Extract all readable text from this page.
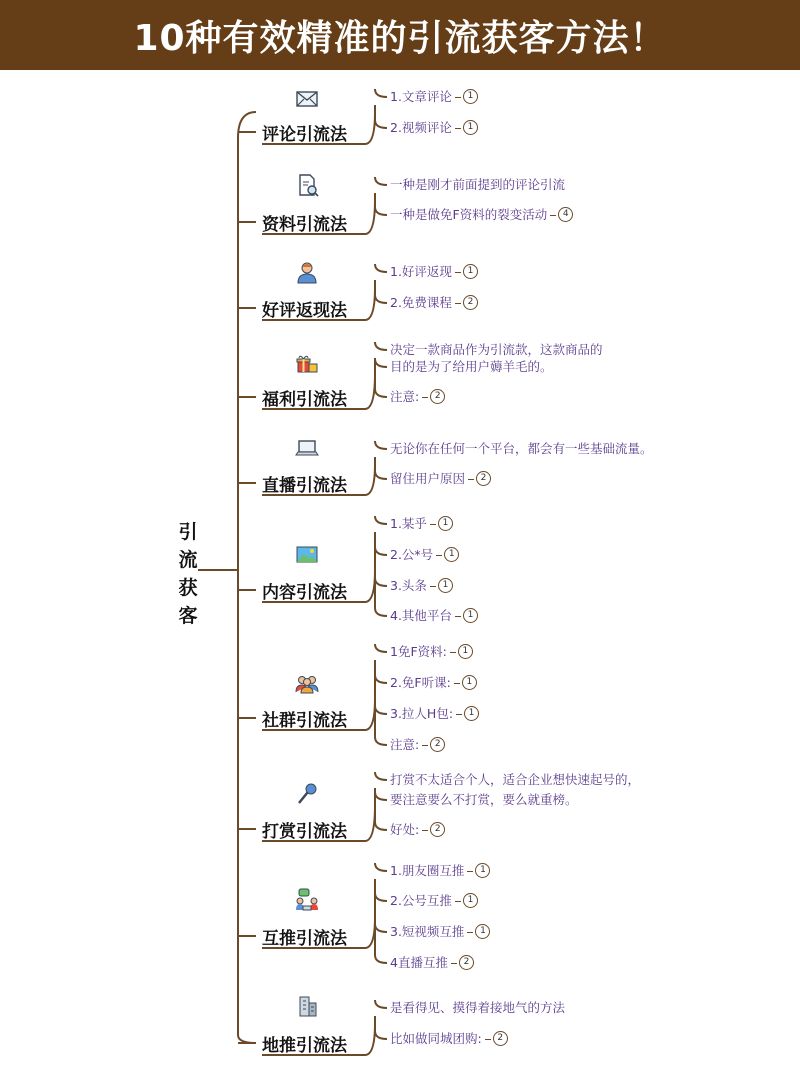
10种有效精准的引流获客方法！
引
流
获
客
评论引流法
1.文章评论 1
2.视频评论 1
资料引流法
一种是刚才前面提到的评论引流
一种是做免F资料的裂变活动 4
好评返现法
1.好评返现 1
2.免费课程 2
福利引流法
决定一款商品作为引流款，这款商品的
目的是为了给用户薅羊毛的。
注意: 2
直播引流法
无论你在任何一个平台，都会有一些基础流量。
留住用户原因 2
内容引流法
1.某乎 1
2.公*号 1
3.头条 1
4.其他平台 1
社群引流法
1免F资料: 1
2.免F听课: 1
3.拉人H包: 1
注意: 2
打赏引流法
打赏不太适合个人，适合企业想快速起号的，
要注意要么不打赏，要么就重榜。
好处: 2
互推引流法
1.朋友圈互推 1
2.公号互推 1
3.短视频互推 1
4直播互推 2
地推引流法
是看得见、摸得着接地气的方法
比如做同城团购: 2
